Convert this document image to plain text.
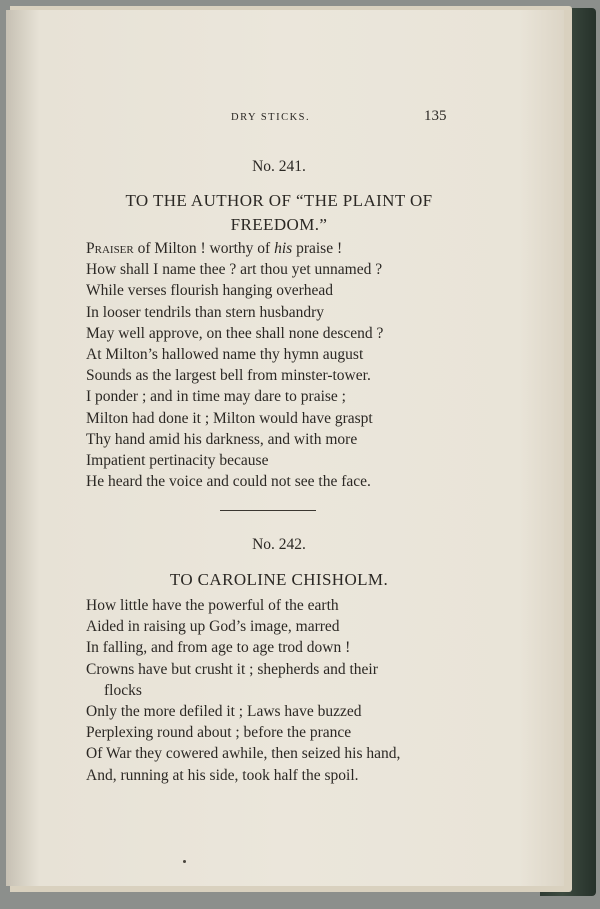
DRY STICKS.	135
No. 241.
TO THE AUTHOR OF “THE PLAINT OF
FREEDOM.”
Praiser of Milton ! worthy of his praise !
How shall I name thee ? art thou yet unnamed ?
While verses flourish hanging overhead
In looser tendrils than stern husbandry
May well approve, on thee shall none descend ?
At Milton’s hallowed name thy hymn august
Sounds as the largest bell from minster-tower.
I ponder ; and in time may dare to praise ;
Milton had done it ; Milton would have graspt
Thy hand amid his darkness, and with more
Impatient pertinacity because
He heard the voice and could not see the face.
No. 242.
TO CAROLINE CHISHOLM.
How little have the powerful of the earth
Aided in raising up God’s image, marred
In falling, and from age to age trod down !
Crowns have but crusht it ; shepherds and their
flocks
Only the more defiled it ; Laws have buzzed
Perplexing round about ; before the prance
Of War they cowered awhile, then seized his hand,
And, running at his side, took half the spoil.
